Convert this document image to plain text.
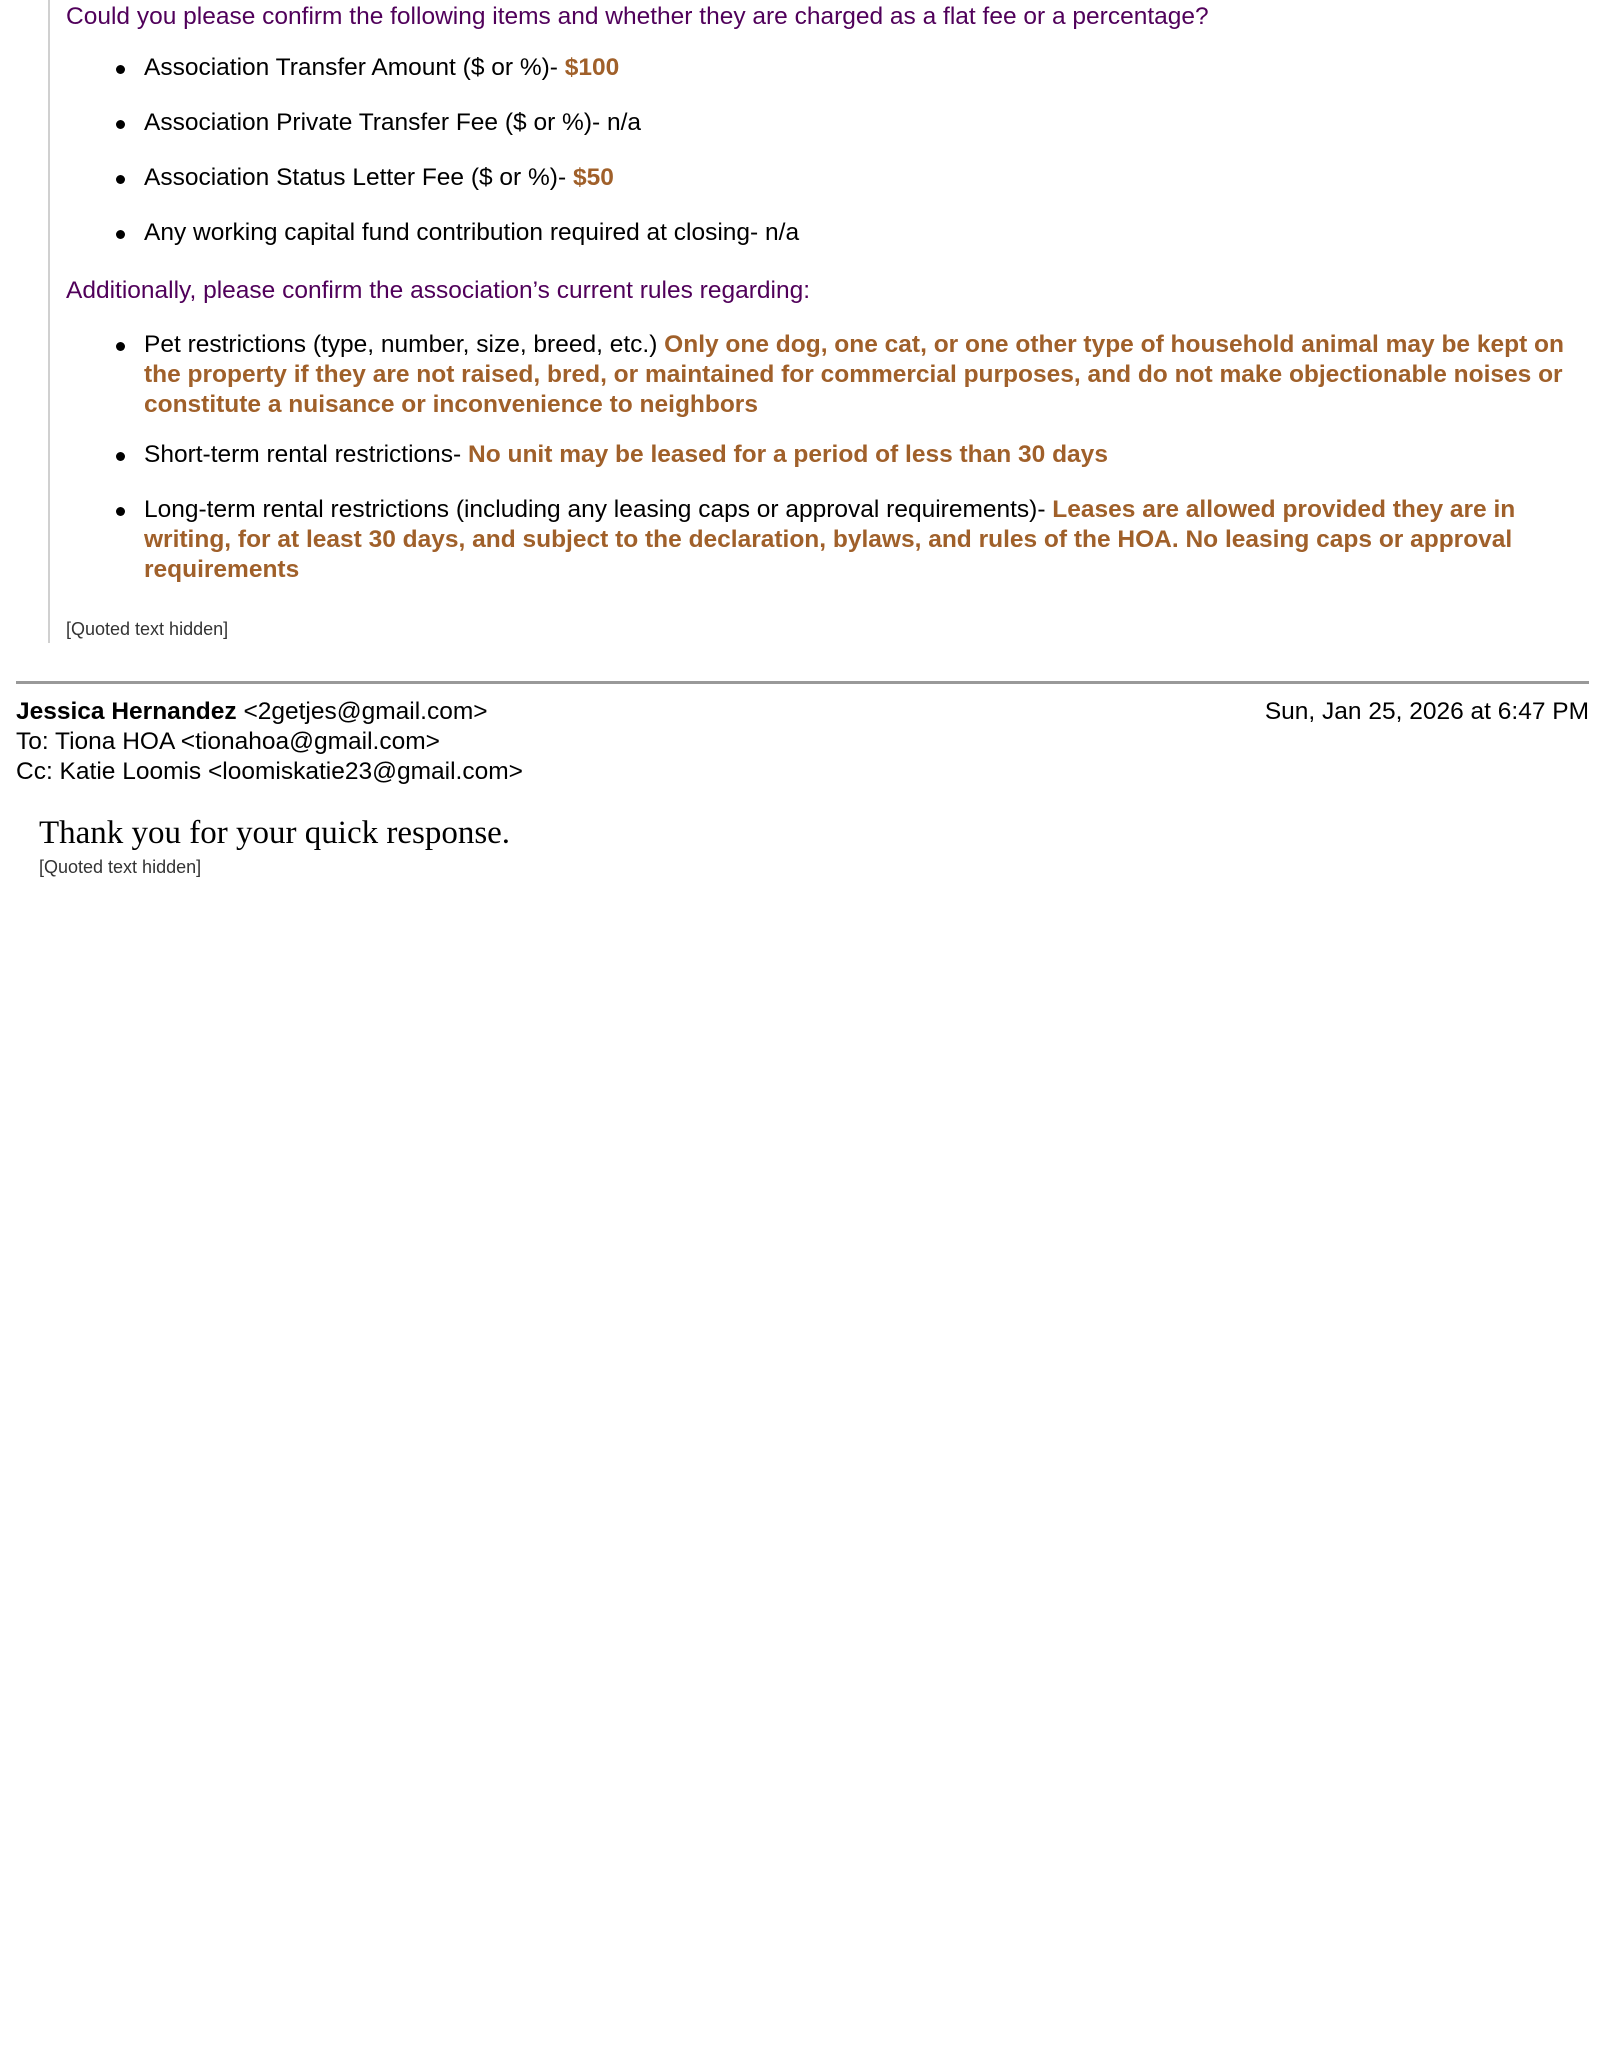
Could you please confirm the following items and whether they are charged as a flat fee or a percentage?

Association Transfer Amount ($ or %)- $100
Association Private Transfer Fee ($ or %)- n/a
Association Status Letter Fee ($ or %)- $50
Any working capital fund contribution required at closing- n/a

Additionally, please confirm the association’s current rules regarding:

Pet restrictions (type, number, size, breed, etc.) Only one dog, one cat, or one other type of household animal may be kept on the property if they are not raised, bred, or maintained for commercial purposes, and do not make objectionable noises or constitute a nuisance or inconvenience to neighbors
Short-term rental restrictions- No unit may be leased for a period of less than 30 days
Long-term rental restrictions (including any leasing caps or approval requirements)- Leases are allowed provided they are in writing, for at least 30 days, and subject to the declaration, bylaws, and rules of the HOA. No leasing caps or approval requirements
[Quoted text hidden]
Jessica Hernandez <2getjes@gmail.com>	Sun, Jan 25, 2026 at 6:47 PM
To: Tiona HOA <tionahoa@gmail.com>
Cc: Katie Loomis <loomiskatie23@gmail.com>
Thank you for your quick response.
[Quoted text hidden]
